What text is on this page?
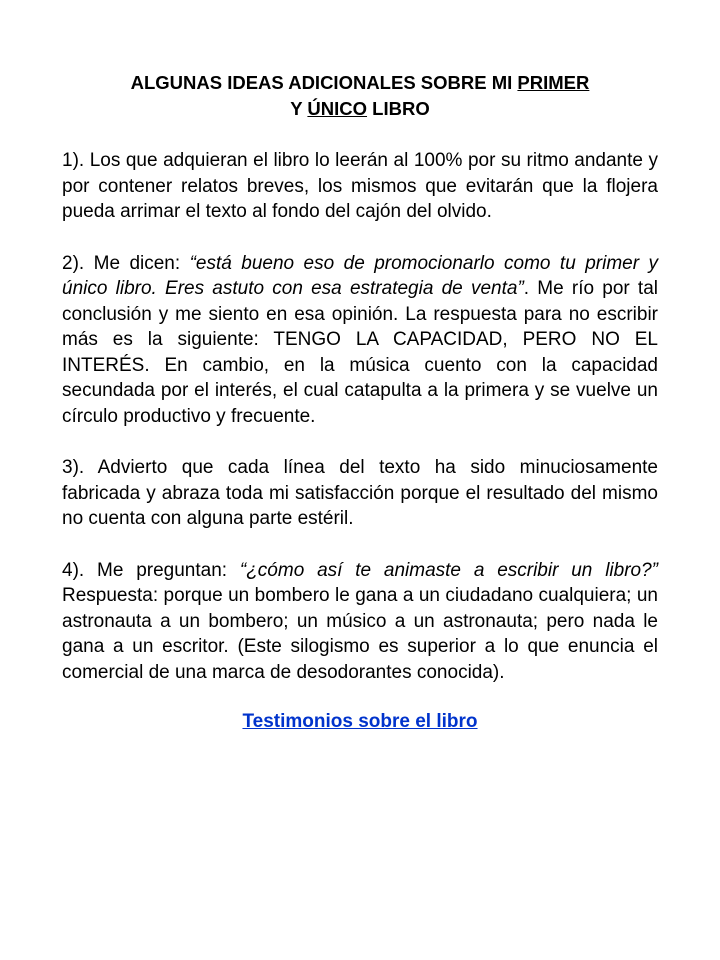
ALGUNAS IDEAS ADICIONALES SOBRE MI PRIMER
Y ÚNICO LIBRO

1). Los que adquieran el libro lo leerán al 100% por su ritmo andante y por contener relatos breves, los mismos que evitarán que la flojera pueda arrimar el texto al fondo del cajón del olvido.

2). Me dicen: “está bueno eso de promocionarlo como tu primer y único libro. Eres astuto con esa estrategia de venta”. Me río por tal conclusión y me siento en esa opinión. La respuesta para no escribir más es la siguiente: TENGO LA CAPACIDAD, PERO NO EL INTERÉS. En cambio, en la música cuento con la capacidad secundada por el interés, el cual catapulta a la primera y se vuelve un círculo productivo y frecuente.

3). Advierto que cada línea del texto ha sido minuciosamente fabricada y abraza toda mi satisfacción porque el resultado del mismo no cuenta con alguna parte estéril.

4). Me preguntan: “¿cómo así te animaste a escribir un libro?” Respuesta: porque un bombero le gana a un ciudadano cualquiera; un astronauta a un bombero; un músico a un astronauta; pero nada le gana a un escritor. (Este silogismo es superior a lo que enuncia el comercial de una marca de desodorantes conocida).

Testimonios sobre el libro
